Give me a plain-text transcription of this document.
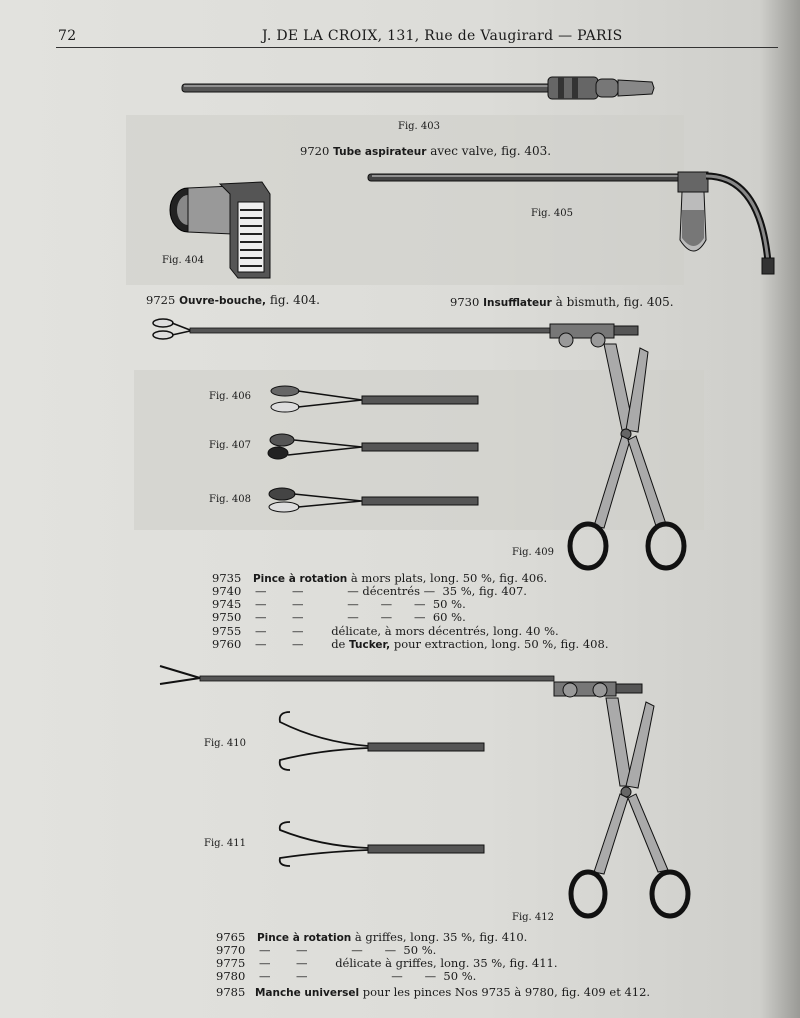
72	J. DE LA CROIX, 131, Rue de Vaugirard — PARIS
Fig. 403
Fig. 404
Fig. 405
Fig. 406
Fig. 407
Fig. 408
Fig. 409
Fig. 410
Fig. 411
Fig. 412
9720 Tube aspirateur avec valve, fig. 403.
9725 Ouvre-bouche, fig. 404.	9730 Insufflateur à bismuth, fig. 405.
9735 Pince à rotation à mors plats, long. 50 %, fig. 406.
9740 —       —	— décentrés —  35 %, fig. 407.
9745 —       —	—      —      —  50 %.
9750 —       —	—      —      —  60 %.
9755 —       — délicate, à mors décentrés, long. 40 %.
9760 —       — de Tucker, pour extraction, long. 50 %, fig. 408.
9765 Pince à rotation à griffes, long. 35 %, fig. 410.
9770 —       —	—      —  50 %.
9775 —       — délicate à griffes, long. 35 %, fig. 411.
9780 —       —	—      —  50 %.
9785 Manche universel pour les pinces Nos 9735 à 9780, fig. 409 et 412.
